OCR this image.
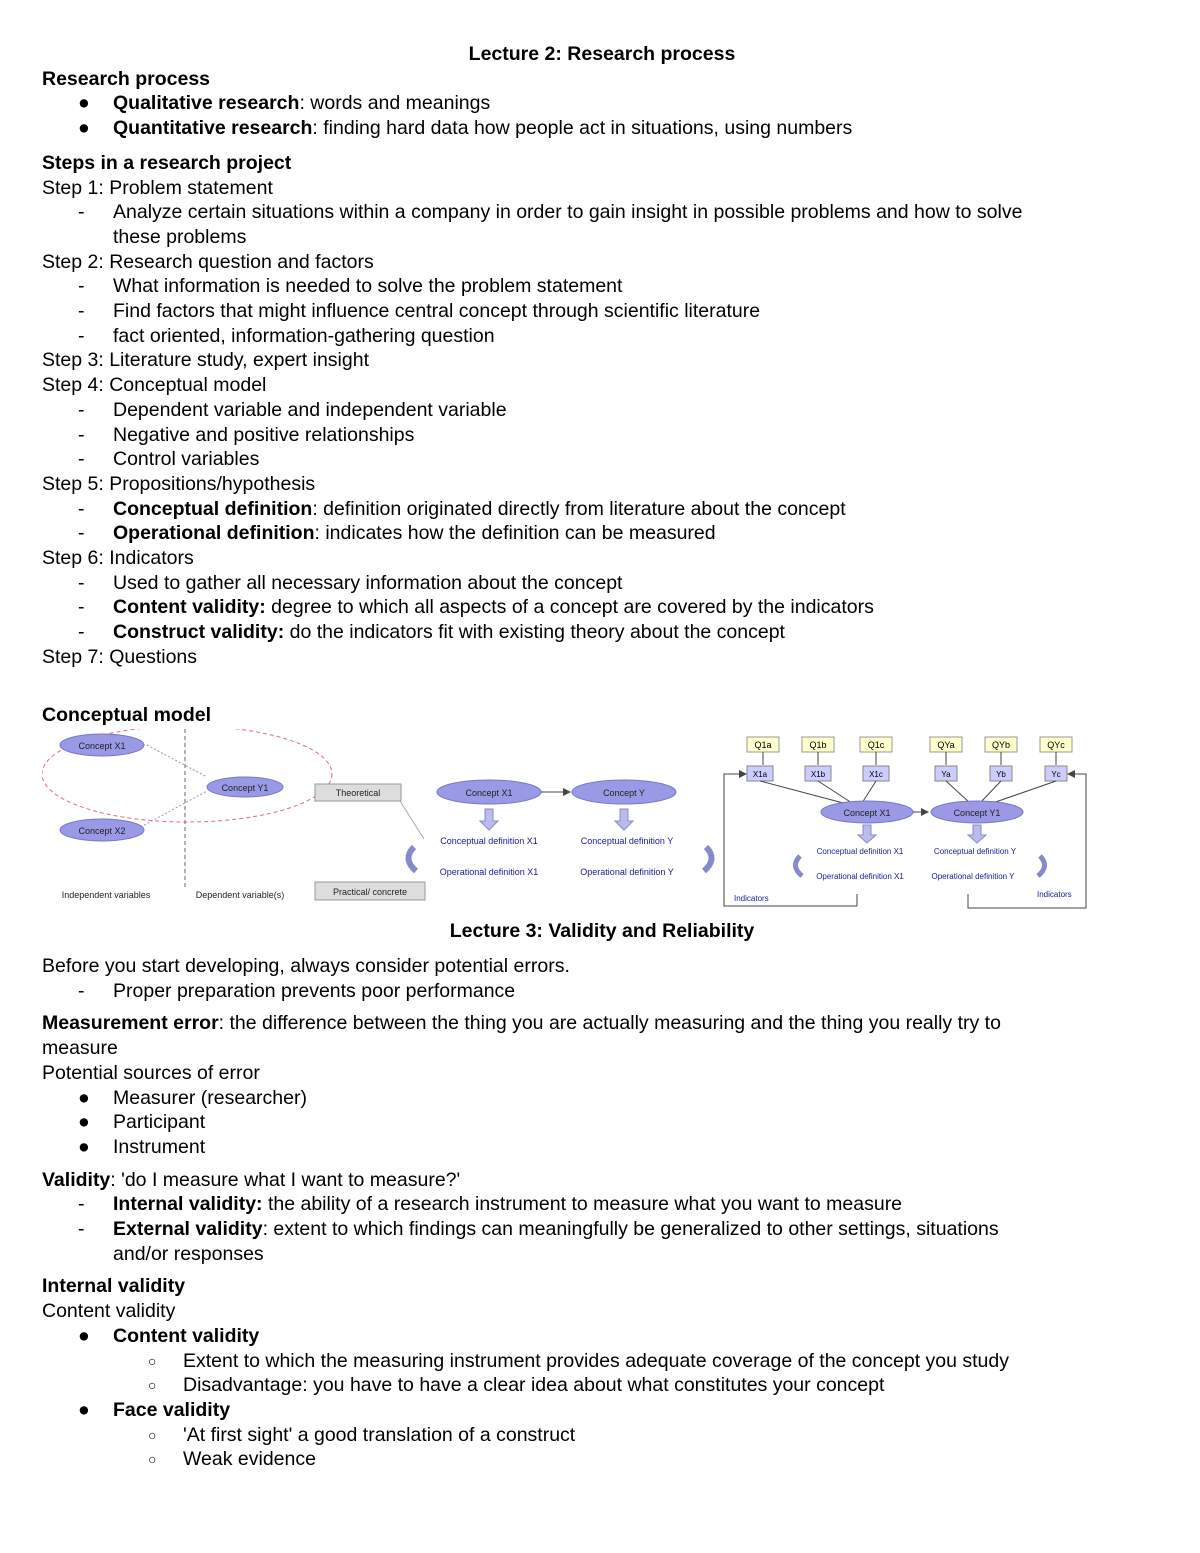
Lecture 2: Research process
Research process
● Qualitative research: words and meanings
● Quantitative research: finding hard data how people act in situations, using numbers
Steps in a research project
Step 1: Problem statement
- Analyze certain situations within a company in order to gain insight in possible problems and how to solve
these problems
Step 2: Research question and factors
- What information is needed to solve the problem statement
- Find factors that might influence central concept through scientific literature
- fact oriented, information-gathering question
Step 3: Literature study, expert insight
Step 4: Conceptual model
- Dependent variable and independent variable
- Negative and positive relationships
- Control variables
Step 5: Propositions/hypothesis
- Conceptual definition: definition originated directly from literature about the concept
- Operational definition: indicates how the definition can be measured
Step 6: Indicators
- Used to gather all necessary information about the concept
- Content validity: degree to which all aspects of a concept are covered by the indicators
- Construct validity: do the indicators fit with existing theory about the concept
Step 7: Questions
Conceptual model
Concept X1
Concept Y1
Concept X2
Independent variables	Dependent variable(s)
Theoretical
Practical/ concrete
Concept X1	Concept Y
Conceptual definition X1	Conceptual definition Y
Operational definition X1	Operational definition Y
Q1a	Q1b	Q1c	QYa	QYb	QYc
X1a	X1b	X1c	Ya	Yb	Yc
Concept X1	Concept Y1
Conceptual definition X1	Conceptual definition Y
Operational definition X1	Operational definition Y
Indicators	Indicators
Lecture 3: Validity and Reliability
Before you start developing, always consider potential errors.
- Proper preparation prevents poor performance
Measurement error: the difference between the thing you are actually measuring and the thing you really try to
measure
Potential sources of error
● Measurer (researcher)
● Participant
● Instrument
Validity: 'do I measure what I want to measure?'
- Internal validity: the ability of a research instrument to measure what you want to measure
- External validity: extent to which findings can meaningfully be generalized to other settings, situations
and/or responses
Internal validity
Content validity
● Content validity
○ Extent to which the measuring instrument provides adequate coverage of the concept you study
○ Disadvantage: you have to have a clear idea about what constitutes your concept
● Face validity
○ 'At first sight' a good translation of a construct
○ Weak evidence
